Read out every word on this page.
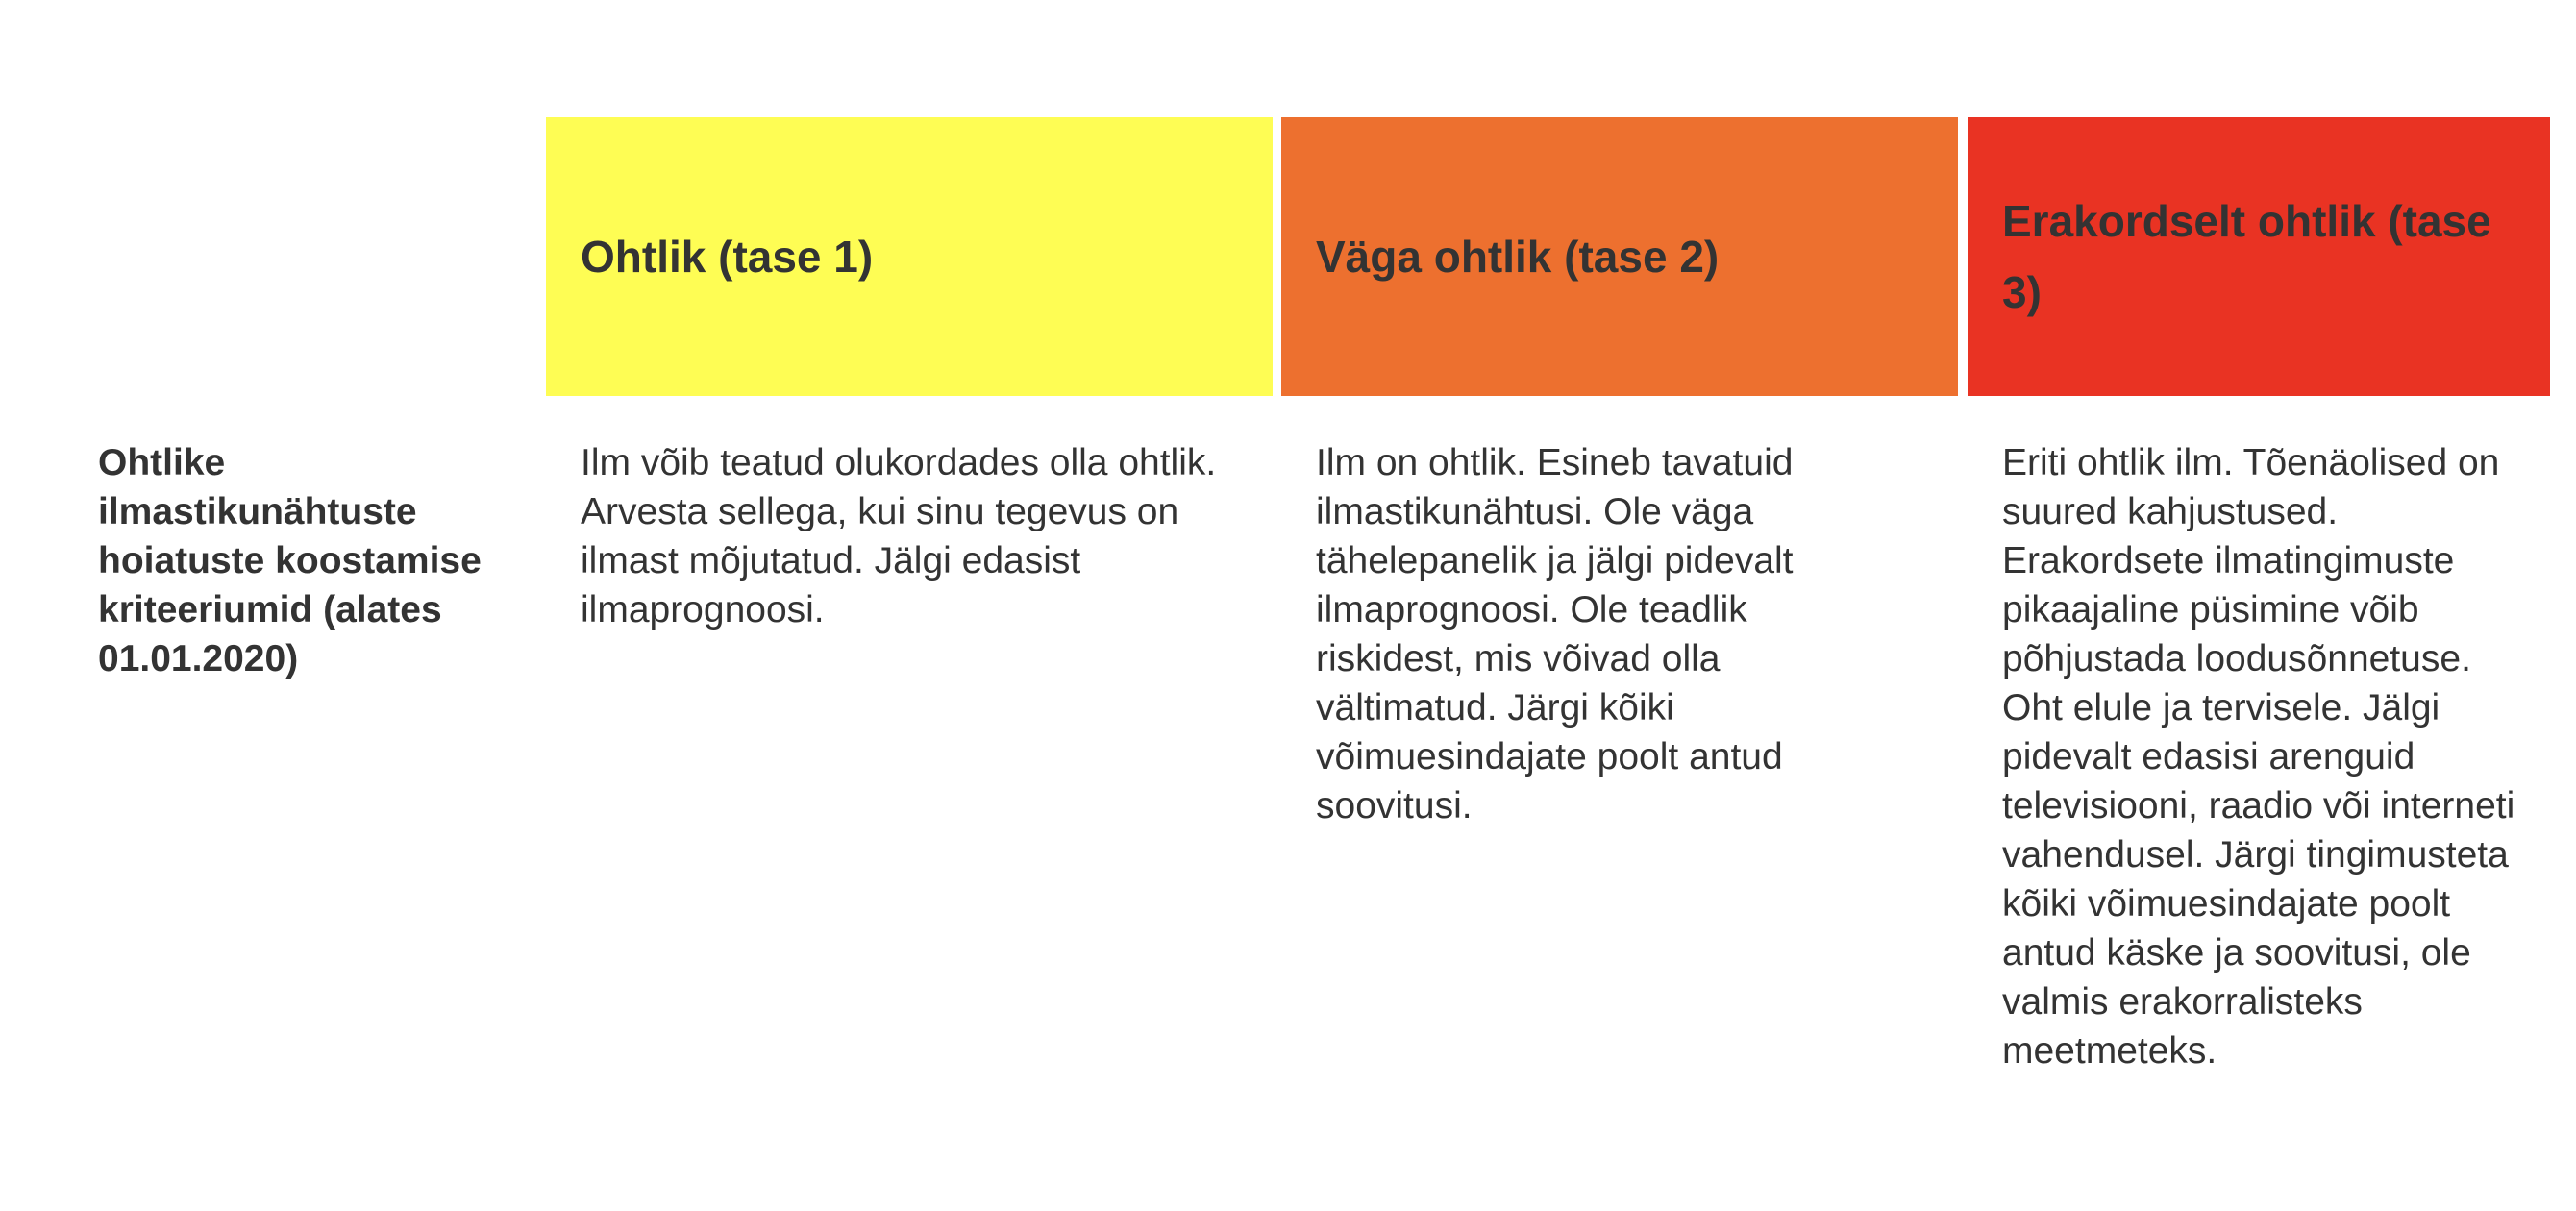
Ohtlik (tase 1)	Väga ohtlik (tase 2)
Erakordselt ohtlik (tase 3)
Ohtlike ilmastikunähtuste hoiatuste koostamise kriteeriumid (alates 01.01.2020)
Ilm võib teatud olukordades olla ohtlik. Arvesta sellega, kui sinu tegevus on ilmast mõjutatud. Jälgi edasist ilmaprognoosi.
Ilm on ohtlik. Esineb tavatuid ilmastikunähtusi. Ole väga tähelepanelik ja jälgi pidevalt ilmaprognoosi. Ole teadlik riskidest, mis võivad olla vältimatud. Järgi kõiki võimuesindajate poolt antud soovitusi.
Eriti ohtlik ilm. Tõenäolised on suured kahjustused. Erakordsete ilmatingimuste pikaajaline püsimine võib põhjustada loodusõnnetuse. Oht elule ja tervisele. Jälgi pidevalt edasisi arenguid televisiooni, raadio või interneti vahendusel. Järgi tingimusteta kõiki võimuesindajate poolt antud käske ja soovitusi, ole valmis erakorralisteks meetmeteks.
